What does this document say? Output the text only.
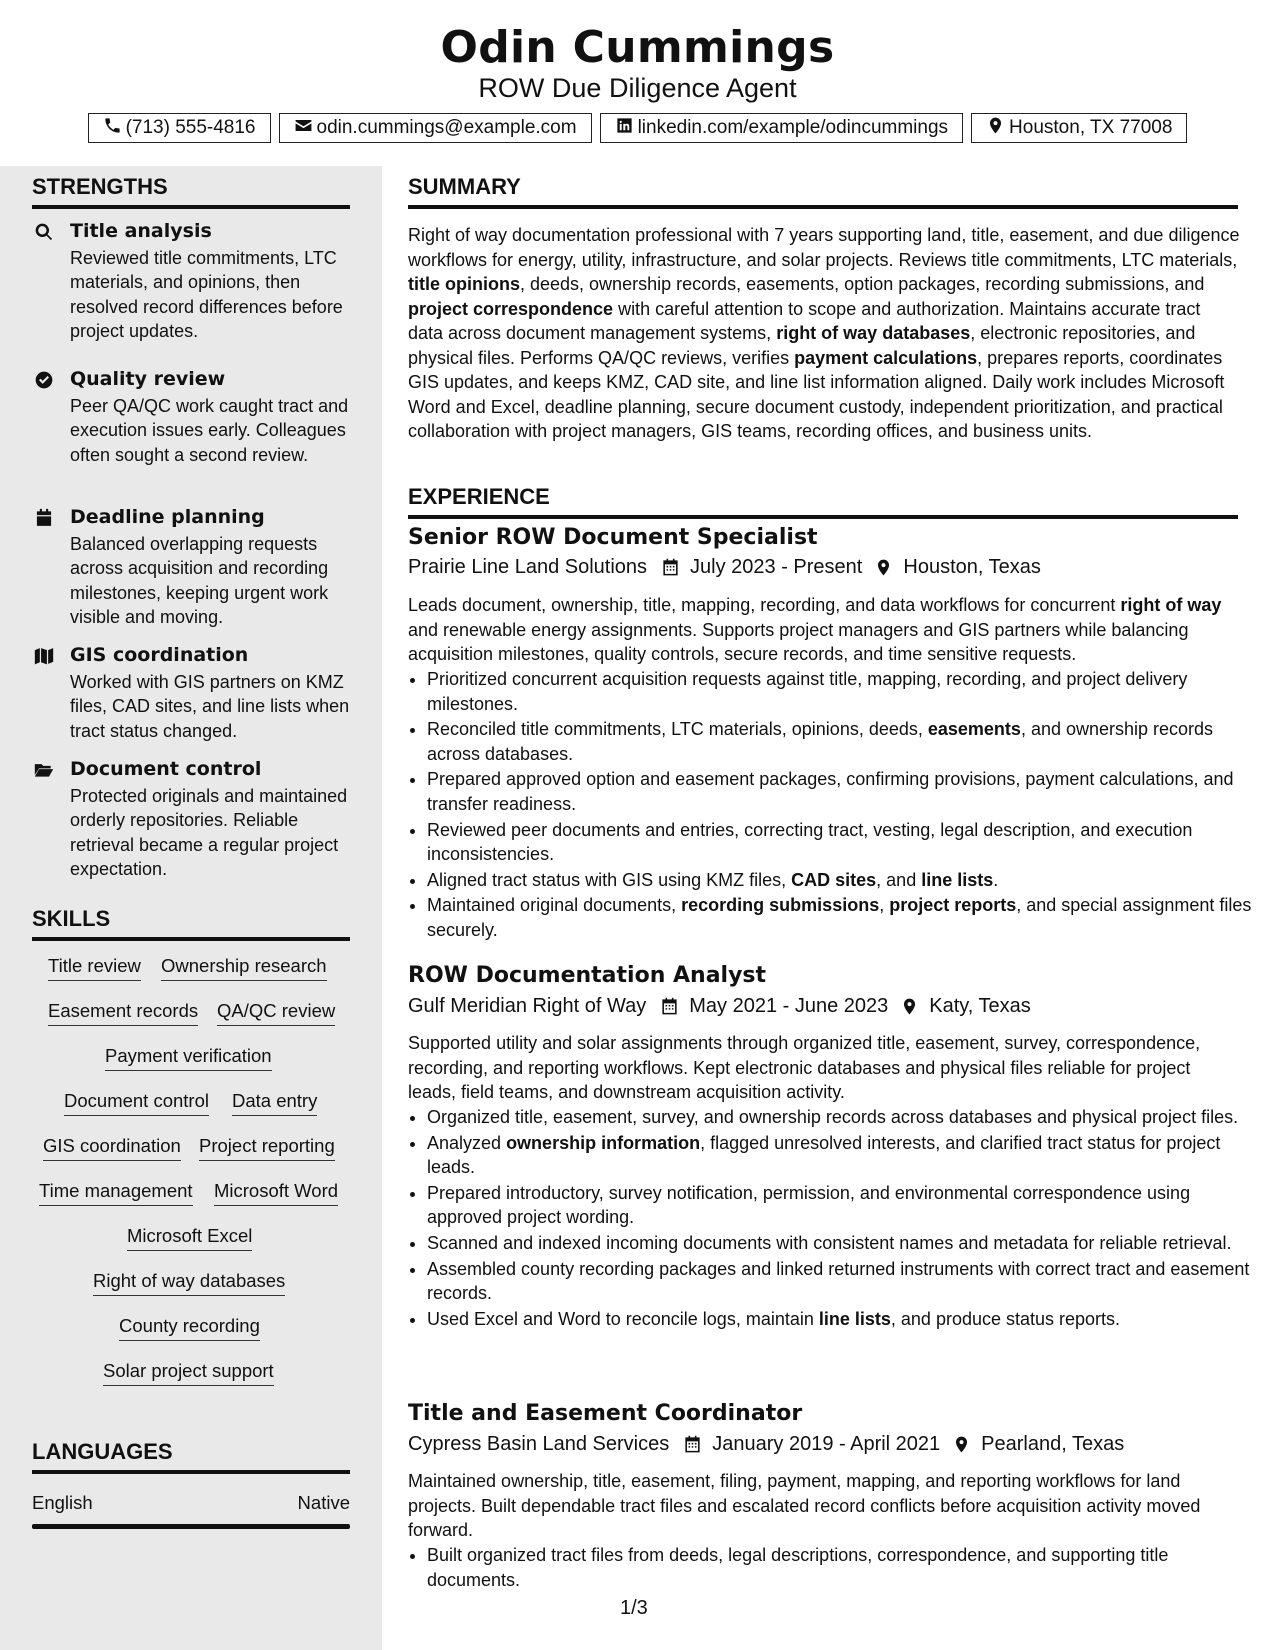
Odin Cummings
ROW Due Diligence Agent
(713) 555-4816	odin.cummings@example.com	linkedin.com/example/odincummings	Houston, TX 77008
STRENGTHS
Title analysis
Reviewed title commitments, LTC materials, and opinions, then resolved record differences before project updates.
Quality review
Peer QA/QC work caught tract and execution issues early. Colleagues often sought a second review.
Deadline planning
Balanced overlapping requests across acquisition and recording milestones, keeping urgent work visible and moving.
GIS coordination
Worked with GIS partners on KMZ files, CAD sites, and line lists when tract status changed.
Document control
Protected originals and maintained orderly repositories. Reliable retrieval became a regular project expectation.
SKILLS
Title review Ownership research
Easement records QA/QC review
Payment verification
Document control Data entry
GIS coordination Project reporting
Time management Microsoft Word
Microsoft Excel
Right of way databases
County recording
Solar project support
LANGUAGES
English	Native
SUMMARY
Right of way documentation professional with 7 years supporting land, title, easement, and due diligence workflows for energy, utility, infrastructure, and solar projects. Reviews title commitments, LTC materials, title opinions, deeds, ownership records, easements, option packages, recording submissions, and project correspondence with careful attention to scope and authorization. Maintains accurate tract data across document management systems, right of way databases, electronic repositories, and physical files. Performs QA/QC reviews, verifies payment calculations, prepares reports, coordinates GIS updates, and keeps KMZ, CAD site, and line list information aligned. Daily work includes Microsoft Word and Excel, deadline planning, secure document custody, independent prioritization, and practical collaboration with project managers, GIS teams, recording offices, and business units.
EXPERIENCE
Senior ROW Document Specialist
Prairie Line Land Solutions July 2023 - Present Houston, Texas
Leads document, ownership, title, mapping, recording, and data workflows for concurrent right of way and renewable energy assignments. Supports project managers and GIS partners while balancing acquisition milestones, quality controls, secure records, and time sensitive requests.
• Prioritized concurrent acquisition requests against title, mapping, recording, and project delivery milestones.
• Reconciled title commitments, LTC materials, opinions, deeds, easements, and ownership records across databases.
• Prepared approved option and easement packages, confirming provisions, payment calculations, and transfer readiness.
• Reviewed peer documents and entries, correcting tract, vesting, legal description, and execution inconsistencies.
• Aligned tract status with GIS using KMZ files, CAD sites, and line lists.
• Maintained original documents, recording submissions, project reports, and special assignment files securely.
ROW Documentation Analyst
Gulf Meridian Right of Way May 2021 - June 2023 Katy, Texas
Supported utility and solar assignments through organized title, easement, survey, correspondence, recording, and reporting workflows. Kept electronic databases and physical files reliable for project leads, field teams, and downstream acquisition activity.
• Organized title, easement, survey, and ownership records across databases and physical project files.
• Analyzed ownership information, flagged unresolved interests, and clarified tract status for project leads.
• Prepared introductory, survey notification, permission, and environmental correspondence using approved project wording.
• Scanned and indexed incoming documents with consistent names and metadata for reliable retrieval.
• Assembled county recording packages and linked returned instruments with correct tract and easement records.
• Used Excel and Word to reconcile logs, maintain line lists, and produce status reports.
Title and Easement Coordinator
Cypress Basin Land Services January 2019 - April 2021 Pearland, Texas
Maintained ownership, title, easement, filing, payment, mapping, and reporting workflows for land projects. Built dependable tract files and escalated record conflicts before acquisition activity moved forward.
• Built organized tract files from deeds, legal descriptions, correspondence, and supporting title documents.
1/3
